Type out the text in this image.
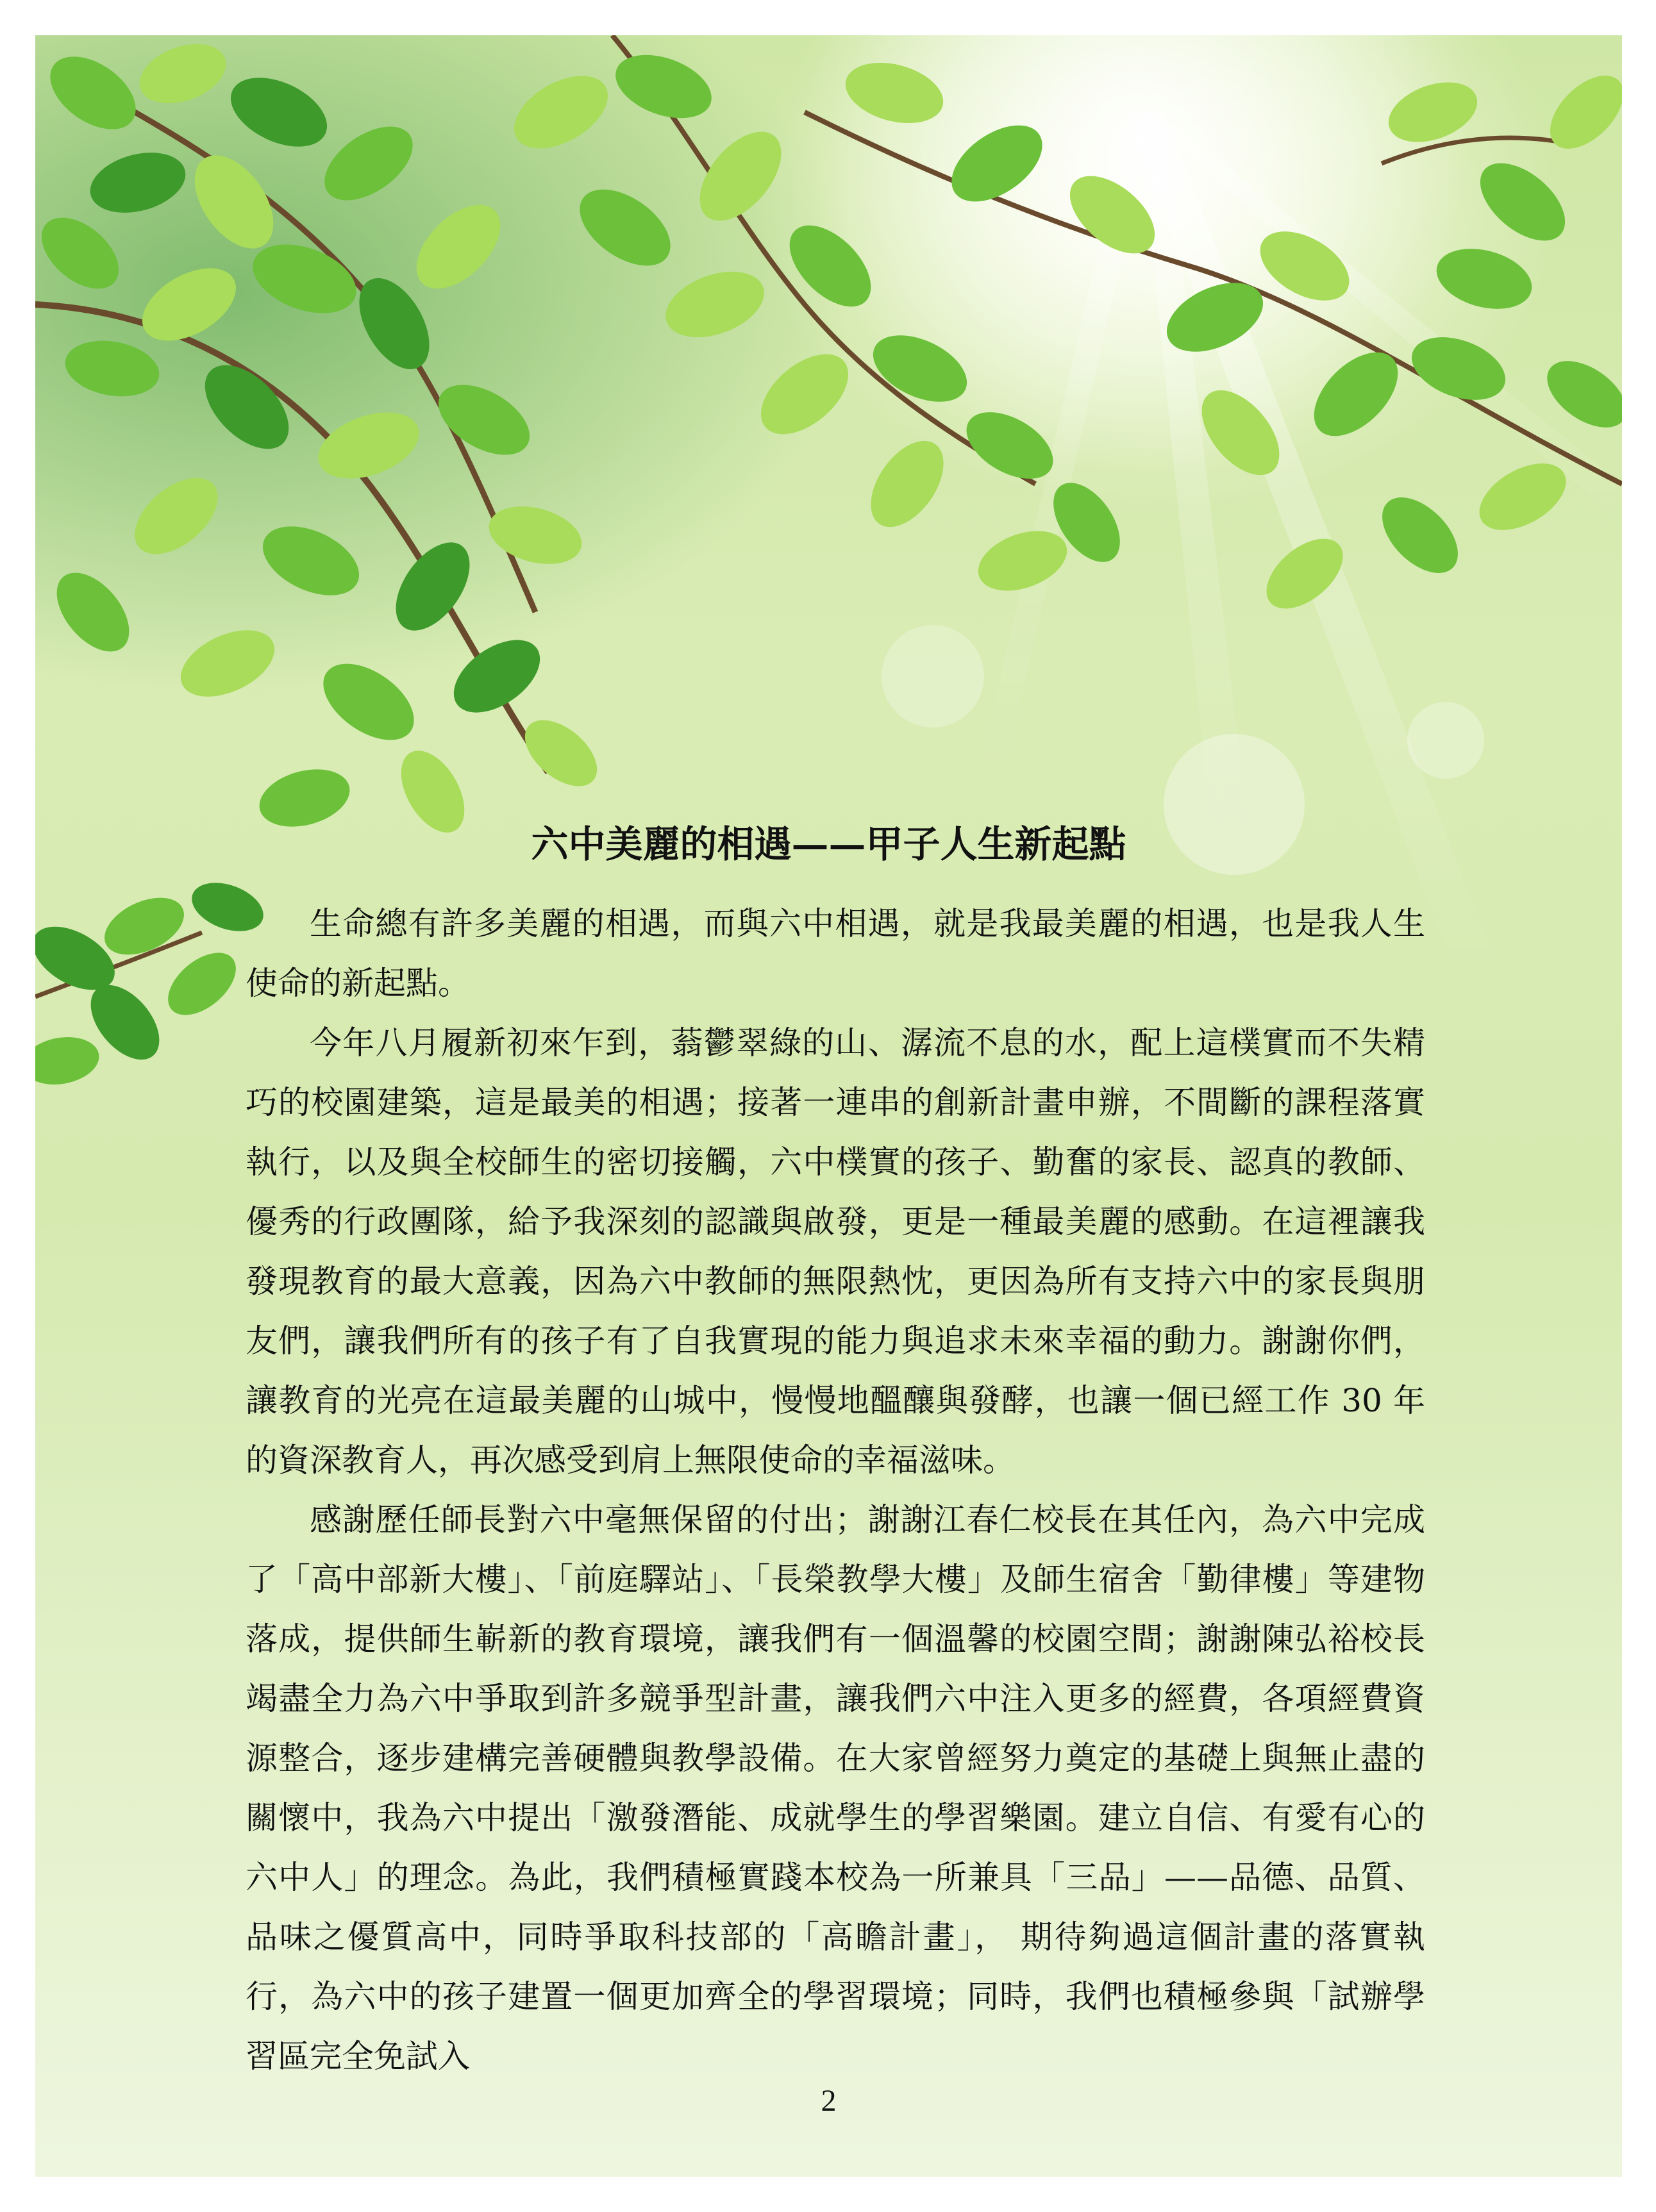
六中美麗的相遇——甲子人生新起點

生命總有許多美麗的相遇，而與六中相遇，就是我最美麗的相遇，也是我人生使命的新起點。

今年八月履新初來乍到，蓊鬱翠綠的山、潺流不息的水，配上這樸實而不失精巧的校園建築，這是最美的相遇；接著一連串的創新計畫申辦，不間斷的課程落實執行，以及與全校師生的密切接觸，六中樸實的孩子、勤奮的家長、認真的教師、優秀的行政團隊，給予我深刻的認識與啟發，更是一種最美麗的感動。在這裡讓我發現教育的最大意義，因為六中教師的無限熱忱，更因為所有支持六中的家長與朋友們，讓我們所有的孩子有了自我實現的能力與追求未來幸福的動力。謝謝你們，讓教育的光亮在這最美麗的山城中，慢慢地醞釀與發酵，也讓一個已經工作 30 年的資深教育人，再次感受到肩上無限使命的幸福滋味。

感謝歷任師長對六中毫無保留的付出；謝謝江春仁校長在其任內，為六中完成了「高中部新大樓」、「前庭驛站」、「長榮教學大樓」及師生宿舍「勤律樓」等建物落成，提供師生嶄新的教育環境，讓我們有一個溫馨的校園空間；謝謝陳弘裕校長竭盡全力為六中爭取到許多競爭型計畫，讓我們六中注入更多的經費，各項經費資源整合，逐步建構完善硬體與教學設備。在大家曾經努力奠定的基礎上與無止盡的關懷中，我為六中提出「激發潛能、成就學生的學習樂園。建立自信、有愛有心的六中人」的理念。為此，我們積極實踐本校為一所兼具「三品」——品德、品質、品味之優質高中，同時爭取科技部的「高瞻計畫」， 期待夠過這個計畫的落實執行，為六中的孩子建置一個更加齊全的學習環境；同時，我們也積極參與「試辦學習區完全免試入

2
